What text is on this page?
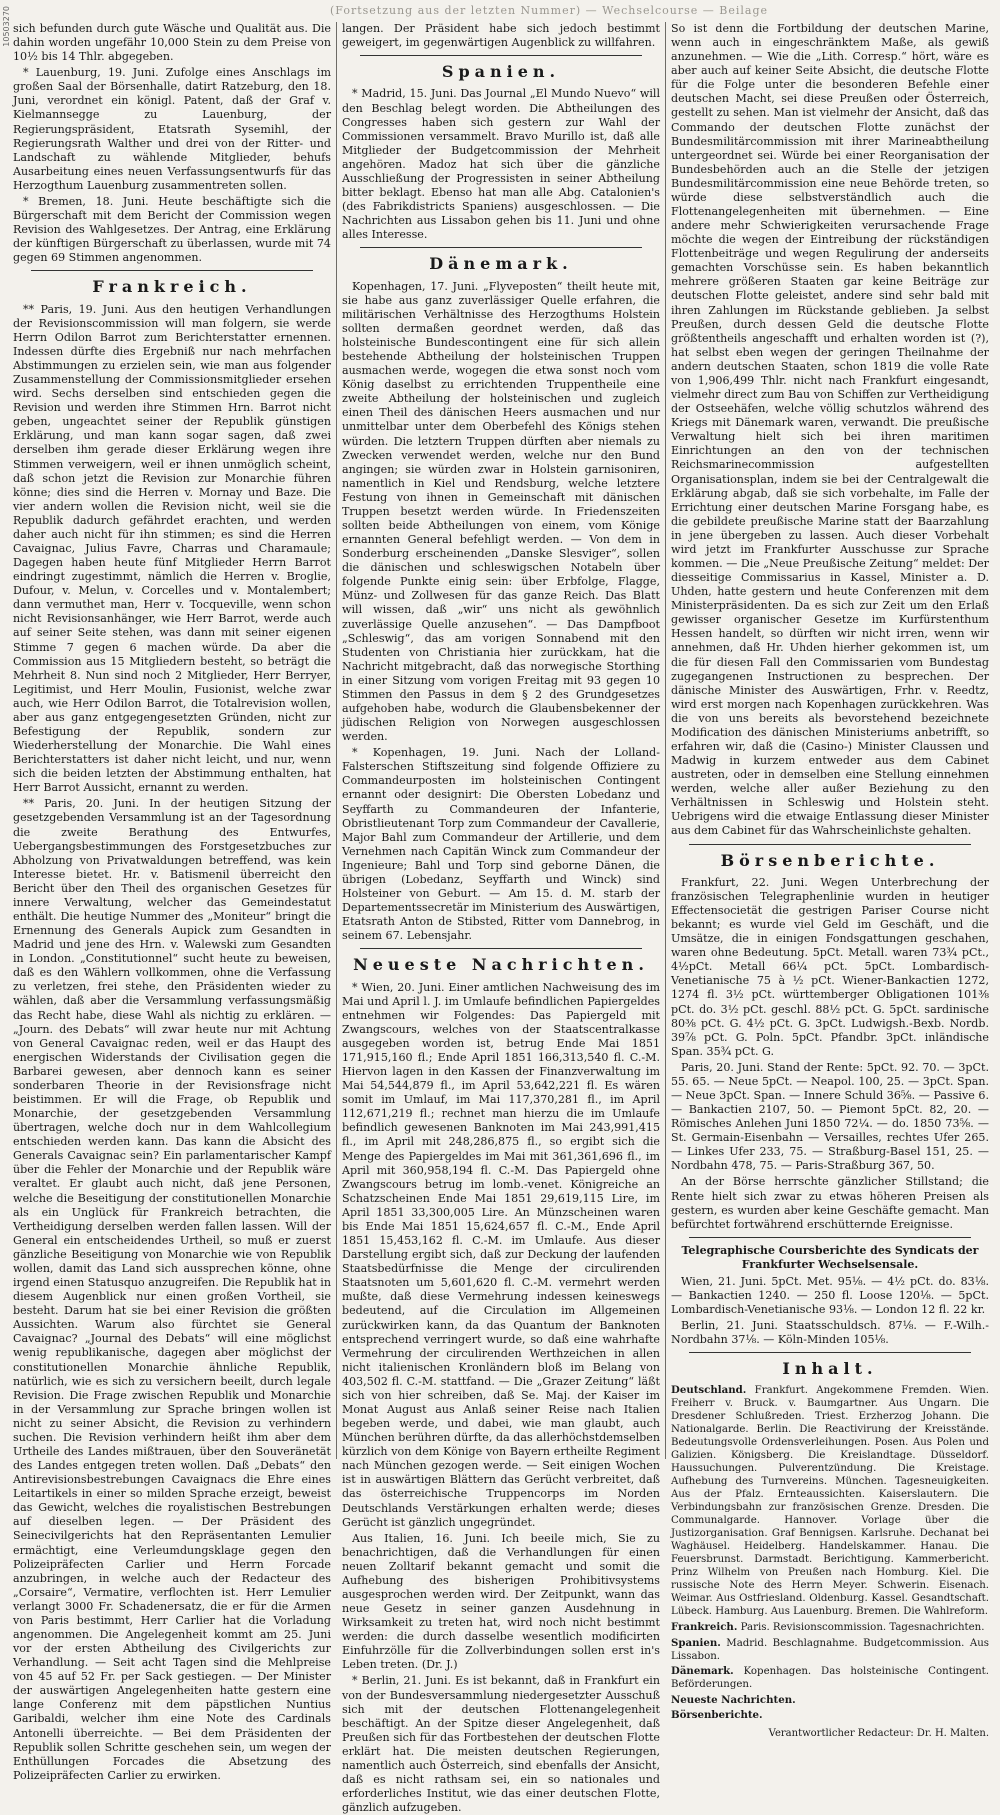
10503270	(Fortsetzung aus der letzten Nummer) — Wechselcourse — Beilage

sich befunden durch gute Wäsche und Qualität aus. Die dahin worden ungefähr 10,000 Stein zu dem Preise von 10½ bis 14 Thlr. abgegeben.

* Lauenburg, 19. Juni. Zufolge eines Anschlags im großen Saal der Börsenhalle, datirt Ratzeburg, den 18. Juni, verordnet ein königl. Patent, daß der Graf v. Kielmannsegge zu Lauenburg, der Regierungspräsident, Etatsrath Sysemihl, der Regierungsrath Walther und drei von der Ritter- und Landschaft zu wählende Mitglieder, behufs Ausarbeitung eines neuen Verfassungsentwurfs für das Herzogthum Lauenburg zusammentreten sollen.

* Bremen, 18. Juni. Heute beschäftigte sich die Bürgerschaft mit dem Bericht der Commission wegen Revision des Wahlgesetzes. Der Antrag, eine Erklärung der künftigen Bürgerschaft zu überlassen, wurde mit 74 gegen 69 Stimmen angenommen.

Frankreich.

** Paris, 19. Juni. Aus den heutigen Verhandlungen der Revisionscommission will man folgern, sie werde Herrn Odilon Barrot zum Berichterstatter ernennen. Indessen dürfte dies Ergebniß nur nach mehrfachen Abstimmungen zu erzielen sein, wie man aus folgender Zusammenstellung der Commissionsmitglieder ersehen wird. Sechs derselben sind entschieden gegen die Revision und werden ihre Stimmen Hrn. Barrot nicht geben, ungeachtet seiner der Republik günstigen Erklärung, und man kann sogar sagen, daß zwei derselben ihm gerade dieser Erklärung wegen ihre Stimmen verweigern, weil er ihnen unmöglich scheint, daß schon jetzt die Revision zur Monarchie führen könne; dies sind die Herren v. Mornay und Baze. Die vier andern wollen die Revision nicht, weil sie die Republik dadurch gefährdet erachten, und werden daher auch nicht für ihn stimmen; es sind die Herren Cavaignac, Julius Favre, Charras und Charamaule; Dagegen haben heute fünf Mitglieder Herrn Barrot eindringt zugestimmt, nämlich die Herren v. Broglie, Dufour, v. Melun, v. Corcelles und v. Montalembert; dann vermuthet man, Herr v. Tocqueville, wenn schon nicht Revisionsanhänger, wie Herr Barrot, werde auch auf seiner Seite stehen, was dann mit seiner eigenen Stimme 7 gegen 6 machen würde. Da aber die Commission aus 15 Mitgliedern besteht, so beträgt die Mehrheit 8. Nun sind noch 2 Mitglieder, Herr Berryer, Legitimist, und Herr Moulin, Fusionist, welche zwar auch, wie Herr Odilon Barrot, die Totalrevision wollen, aber aus ganz entgegengesetzten Gründen, nicht zur Befestigung der Republik, sondern zur Wiederherstellung der Monarchie. Die Wahl eines Berichterstatters ist daher nicht leicht, und nur, wenn sich die beiden letzten der Abstimmung enthalten, hat Herr Barrot Aussicht, ernannt zu werden.

** Paris, 20. Juni. In der heutigen Sitzung der gesetzgebenden Versammlung ist an der Tagesordnung die zweite Berathung des Entwurfes, Uebergangsbestimmungen des Forstgesetzbuches zur Abholzung von Privatwaldungen betreffend, was kein Interesse bietet. Hr. v. Batismenil überreicht den Bericht über den Theil des organischen Gesetzes für innere Verwaltung, welcher das Gemeindestatut enthält. Die heutige Nummer des „Moniteur“ bringt die Ernennung des Generals Aupick zum Gesandten in Madrid und jene des Hrn. v. Walewski zum Gesandten in London. „Constitutionnel“ sucht heute zu beweisen, daß es den Wählern vollkommen, ohne die Verfassung zu verletzen, frei stehe, den Präsidenten wieder zu wählen, daß aber die Versammlung verfassungsmäßig das Recht habe, diese Wahl als nichtig zu erklären. — „Journ. des Debats“ will zwar heute nur mit Achtung von General Cavaignac reden, weil er das Haupt des energischen Widerstands der Civilisation gegen die Barbarei gewesen, aber dennoch kann es seiner sonderbaren Theorie in der Revisionsfrage nicht beistimmen. Er will die Frage, ob Republik und Monarchie, der gesetzgebenden Versammlung übertragen, welche doch nur in dem Wahlcollegium entschieden werden kann. Das kann die Absicht des Generals Cavaignac sein? Ein parlamentarischer Kampf über die Fehler der Monarchie und der Republik wäre veraltet. Er glaubt auch nicht, daß jene Personen, welche die Beseitigung der constitutionellen Monarchie als ein Unglück für Frankreich betrachten, die Vertheidigung derselben werden fallen lassen. Will der General ein entscheidendes Urtheil, so muß er zuerst gänzliche Beseitigung von Monarchie wie von Republik wollen, damit das Land sich aussprechen könne, ohne irgend einen Statusquo anzugreifen. Die Republik hat in diesem Augenblick nur einen großen Vortheil, sie besteht. Darum hat sie bei einer Revision die größten Aussichten. Warum also fürchtet sie General Cavaignac? „Journal des Debats“ will eine möglichst wenig republikanische, dagegen aber möglichst der constitutionellen Monarchie ähnliche Republik, natürlich, wie es sich zu versichern beeilt, durch legale Revision. Die Frage zwischen Republik und Monarchie in der Versammlung zur Sprache bringen wollen ist nicht zu seiner Absicht, die Revision zu verhindern suchen. Die Revision verhindern heißt ihm aber dem Urtheile des Landes mißtrauen, über den Souveränetät des Landes entgegen treten wollen. Daß „Debats“ den Antirevisionsbestrebungen Cavaignacs die Ehre eines Leitartikels in einer so milden Sprache erzeigt, beweist das Gewicht, welches die royalistischen Bestrebungen auf dieselben legen. — Der Präsident des Seinecivilgerichts hat den Repräsentanten Lemulier ermächtigt, eine Verleumdungsklage gegen den Polizeipräfecten Carlier und Herrn Forcade anzubringen, in welche auch der Redacteur des „Corsaire“, Vermatire, verflochten ist. Herr Lemulier verlangt 3000 Fr. Schadenersatz, die er für die Armen von Paris bestimmt, Herr Carlier hat die Vorladung angenommen. Die Angelegenheit kommt am 25. Juni vor der ersten Abtheilung des Civilgerichts zur Verhandlung. — Seit acht Tagen sind die Mehlpreise von 45 auf 52 Fr. per Sack gestiegen. — Der Minister der auswärtigen Angelegenheiten hatte gestern eine lange Conferenz mit dem päpstlichen Nuntius Garibaldi, welcher ihm eine Note des Cardinals Antonelli überreichte. — Bei dem Präsidenten der Republik sollen Schritte geschehen sein, um wegen der Enthüllungen Forcades die Absetzung des Polizeipräfecten Carlier zu erwirken.

langen. Der Präsident habe sich jedoch bestimmt geweigert, im gegenwärtigen Augenblick zu willfahren.

Spanien.

* Madrid, 15. Juni. Das Journal „El Mundo Nuevo“ will den Beschlag belegt worden. Die Abtheilungen des Congresses haben sich gestern zur Wahl der Commissionen versammelt. Bravo Murillo ist, daß alle Mitglieder der Budgetcommission der Mehrheit angehören. Madoz hat sich über die gänzliche Ausschließung der Progressisten in seiner Abtheilung bitter beklagt. Ebenso hat man alle Abg. Catalonien's (des Fabrikdistricts Spaniens) ausgeschlossen. — Die Nachrichten aus Lissabon gehen bis 11. Juni und ohne alles Interesse.

Dänemark.

Kopenhagen, 17. Juni. „Flyveposten“ theilt heute mit, sie habe aus ganz zuverlässiger Quelle erfahren, die militärischen Verhältnisse des Herzogthums Holstein sollten dermaßen geordnet werden, daß das holsteinische Bundescontingent eine für sich allein bestehende Abtheilung der holsteinischen Truppen ausmachen werde, wogegen die etwa sonst noch vom König daselbst zu errichtenden Truppentheile eine zweite Abtheilung der holsteinischen und zugleich einen Theil des dänischen Heers ausmachen und nur unmittelbar unter dem Oberbefehl des Königs stehen würden. Die letztern Truppen dürften aber niemals zu Zwecken verwendet werden, welche nur den Bund angingen; sie würden zwar in Holstein garnisoniren, namentlich in Kiel und Rendsburg, welche letztere Festung von ihnen in Gemeinschaft mit dänischen Truppen besetzt werden würde. In Friedenszeiten sollten beide Abtheilungen von einem, vom Könige ernannten General befehligt werden. — Von dem in Sonderburg erscheinenden „Danske Slesviger“, sollen die dänischen und schleswigschen Notabeln über folgende Punkte einig sein: über Erbfolge, Flagge, Münz- und Zollwesen für das ganze Reich. Das Blatt will wissen, daß „wir“ uns nicht als gewöhnlich zuverlässige Quelle anzusehen“. — Das Dampfboot „Schleswig“, das am vorigen Sonnabend mit den Studenten von Christiania hier zurückkam, hat die Nachricht mitgebracht, daß das norwegische Storthing in einer Sitzung vom vorigen Freitag mit 93 gegen 10 Stimmen den Passus in dem § 2 des Grundgesetzes aufgehoben habe, wodurch die Glaubensbekenner der jüdischen Religion von Norwegen ausgeschlossen werden.

* Kopenhagen, 19. Juni. Nach der Lolland-Falsterschen Stiftszeitung sind folgende Offiziere zu Commandeurposten im holsteinischen Contingent ernannt oder designirt: Die Obersten Lobedanz und Seyffarth zu Commandeuren der Infanterie, Obristlieutenant Torp zum Commandeur der Cavallerie, Major Bahl zum Commandeur der Artillerie, und dem Vernehmen nach Capitän Winck zum Commandeur der Ingenieure; Bahl und Torp sind geborne Dänen, die übrigen (Lobedanz, Seyffarth und Winck) sind Holsteiner von Geburt. — Am 15. d. M. starb der Departementssecretär im Ministerium des Auswärtigen, Etatsrath Anton de Stibsted, Ritter vom Dannebrog, in seinem 67. Lebensjahr.

Neueste Nachrichten.

* Wien, 20. Juni. Einer amtlichen Nachweisung des im Mai und April l. J. im Umlaufe befindlichen Papiergeldes entnehmen wir Folgendes: Das Papiergeld mit Zwangscours, welches von der Staatscentralkasse ausgegeben worden ist, betrug Ende Mai 1851 171,915,160 fl.; Ende April 1851 166,313,540 fl. C.-M. Hiervon lagen in den Kassen der Finanzverwaltung im Mai 54,544,879 fl., im April 53,642,221 fl. Es wären somit im Umlauf, im Mai 117,370,281 fl., im April 112,671,219 fl.; rechnet man hierzu die im Umlaufe befindlich gewesenen Banknoten im Mai 243,991,415 fl., im April mit 248,286,875 fl., so ergibt sich die Menge des Papiergeldes im Mai mit 361,361,696 fl., im April mit 360,958,194 fl. C.-M. Das Papiergeld ohne Zwangscours betrug im lomb.-venet. Königreiche an Schatzscheinen Ende Mai 1851 29,619,115 Lire, im April 1851 33,300,005 Lire. An Münzscheinen waren bis Ende Mai 1851 15,624,657 fl. C.-M., Ende April 1851 15,453,162 fl. C.-M. im Umlaufe. Aus dieser Darstellung ergibt sich, daß zur Deckung der laufenden Staatsbedürfnisse die Menge der circulirenden Staatsnoten um 5,601,620 fl. C.-M. vermehrt werden mußte, daß diese Vermehrung indessen keineswegs bedeutend, auf die Circulation im Allgemeinen zurückwirken kann, da das Quantum der Banknoten entsprechend verringert wurde, so daß eine wahrhafte Vermehrung der circulirenden Werthzeichen in allen nicht italienischen Kronländern bloß im Belang von 403,502 fl. C.-M. stattfand. — Die „Grazer Zeitung“ läßt sich von hier schreiben, daß Se. Maj. der Kaiser im Monat August aus Anlaß seiner Reise nach Italien begeben werde, und dabei, wie man glaubt, auch München berühren dürfte, da das allerhöchstdemselben kürzlich von dem Könige von Bayern ertheilte Regiment nach München gezogen werde. — Seit einigen Wochen ist in auswärtigen Blättern das Gerücht verbreitet, daß das österreichische Truppencorps im Norden Deutschlands Verstärkungen erhalten werde; dieses Gerücht ist gänzlich ungegründet.

Aus Italien, 16. Juni. Ich beeile mich, Sie zu benachrichtigen, daß die Verhandlungen für einen neuen Zolltarif bekannt gemacht und somit die Aufhebung des bisherigen Prohibitivsystems ausgesprochen werden wird. Der Zeitpunkt, wann das neue Gesetz in seiner ganzen Ausdehnung in Wirksamkeit zu treten hat, wird noch nicht bestimmt werden: die durch dasselbe wesentlich modificirten Einfuhrzölle für die Zollverbindungen sollen erst in's Leben treten. (Dr. J.)

* Berlin, 21. Juni. Es ist bekannt, daß in Frankfurt ein von der Bundesversammlung niedergesetzter Ausschuß sich mit der deutschen Flottenangelegenheit beschäftigt. An der Spitze dieser Angelegenheit, daß Preußen sich für das Fortbestehen der deutschen Flotte erklärt hat. Die meisten deutschen Regierungen, namentlich auch Österreich, sind ebenfalls der Ansicht, daß es nicht rathsam sei, ein so nationales und erforderliches Institut, wie das einer deutschen Flotte, gänzlich aufzugeben.

So ist denn die Fortbildung der deutschen Marine, wenn auch in eingeschränktem Maße, als gewiß anzunehmen. — Wie die „Lith. Corresp.“ hört, wäre es aber auch auf keiner Seite Absicht, die deutsche Flotte für die Folge unter die besonderen Befehle einer deutschen Macht, sei diese Preußen oder Österreich, gestellt zu sehen. Man ist vielmehr der Ansicht, daß das Commando der deutschen Flotte zunächst der Bundesmilitärcommission mit ihrer Marineabtheilung untergeordnet sei. Würde bei einer Reorganisation der Bundesbehörden auch an die Stelle der jetzigen Bundesmilitärcommission eine neue Behörde treten, so würde diese selbstverständlich auch die Flottenangelegenheiten mit übernehmen. — Eine andere mehr Schwierigkeiten verursachende Frage möchte die wegen der Eintreibung der rückständigen Flottenbeiträge und wegen Regulirung der anderseits gemachten Vorschüsse sein. Es haben bekanntlich mehrere größeren Staaten gar keine Beiträge zur deutschen Flotte geleistet, andere sind sehr bald mit ihren Zahlungen im Rückstande geblieben. Ja selbst Preußen, durch dessen Geld die deutsche Flotte größtentheils angeschafft und erhalten worden ist (?), hat selbst eben wegen der geringen Theilnahme der andern deutschen Staaten, schon 1819 die volle Rate von 1,906,499 Thlr. nicht nach Frankfurt eingesandt, vielmehr direct zum Bau von Schiffen zur Vertheidigung der Ostseehäfen, welche völlig schutzlos während des Kriegs mit Dänemark waren, verwandt. Die preußische Verwaltung hielt sich bei ihren maritimen Einrichtungen an den von der technischen Reichsmarinecommission aufgestellten Organisationsplan, indem sie bei der Centralgewalt die Erklärung abgab, daß sie sich vorbehalte, im Falle der Errichtung einer deutschen Marine Forsgang habe, es die gebildete preußische Marine statt der Baarzahlung in jene übergeben zu lassen. Auch dieser Vorbehalt wird jetzt im Frankfurter Ausschusse zur Sprache kommen. — Die „Neue Preußische Zeitung“ meldet: Der diesseitige Commissarius in Kassel, Minister a. D. Uhden, hatte gestern und heute Conferenzen mit dem Ministerpräsidenten. Da es sich zur Zeit um den Erlaß gewisser organischer Gesetze im Kurfürstenthum Hessen handelt, so dürften wir nicht irren, wenn wir annehmen, daß Hr. Uhden hierher gekommen ist, um die für diesen Fall den Commissarien vom Bundestag zugegangenen Instructionen zu besprechen. Der dänische Minister des Auswärtigen, Frhr. v. Reedtz, wird erst morgen nach Kopenhagen zurückkehren. Was die von uns bereits als bevorstehend bezeichnete Modification des dänischen Ministeriums anbetrifft, so erfahren wir, daß die (Casino-) Minister Claussen und Madwig in kurzem entweder aus dem Cabinet austreten, oder in demselben eine Stellung einnehmen werden, welche aller außer Beziehung zu den Verhältnissen in Schleswig und Holstein steht. Uebrigens wird die etwaige Entlassung dieser Minister aus dem Cabinet für das Wahrscheinlichste gehalten.

Börsenberichte.

Frankfurt, 22. Juni. Wegen Unterbrechung der französischen Telegraphenlinie wurden in heutiger Effectensocietät die gestrigen Pariser Course nicht bekannt; es wurde viel Geld im Geschäft, und die Umsätze, die in einigen Fondsgattungen geschahen, waren ohne Bedeutung. 5pCt. Metall. waren 73¾ pCt., 4½pCt. Metall 66¼ pCt. 5pCt. Lombardisch-Venetianische 75 à ½ pCt. Wiener-Bankactien 1272, 1274 fl. 3½ pCt. württemberger Obligationen 101⅜ pCt. do. 3½ pCt. geschl. 88½ pCt. G. 5pCt. sardinische 80⅜ pCt. G. 4½ pCt. G. 3pCt. Ludwigsh.-Bexb. Nordb. 39⅞ pCt. G. Poln. 5pCt. Pfandbr. 3pCt. inländische Span. 35¾ pCt. G.

Paris, 20. Juni. Stand der Rente: 5pCt. 92. 70. — 3pCt. 55. 65. — Neue 5pCt. — Neapol. 100, 25. — 3pCt. Span. — Neue 3pCt. Span. — Innere Schuld 36⅝. — Passive 6. — Bankactien 2107, 50. — Piemont 5pCt. 82, 20. — Römisches Anlehen Juni 1850 72¼. — do. 1850 73⅝. — St. Germain-Eisenbahn — Versailles, rechtes Ufer 265. — Linkes Ufer 233, 75. — Straßburg-Basel 151, 25. — Nordbahn 478, 75. — Paris-Straßburg 367, 50.

An der Börse herrschte gänzlicher Stillstand; die Rente hielt sich zwar zu etwas höheren Preisen als gestern, es wurden aber keine Geschäfte gemacht. Man befürchtet fortwährend erschütternde Ereignisse.

Telegraphische Coursberichte des Syndicats der Frankfurter Wechselsensale.

Wien, 21. Juni. 5pCt. Met. 95⅛. — 4½ pCt. do. 83⅛. — Bankactien 1240. — 250 fl. Loose 120⅛. — 5pCt. Lombardisch-Venetianische 93⅛. — London 12 fl. 22 kr.

Berlin, 21. Juni. Staatsschuldsch. 87⅛. — F.-Wilh.-Nordbahn 37⅛. — Köln-Minden 105⅛.

Inhalt.

Deutschland. Frankfurt. Angekommene Fremden. Wien. Freiherr v. Bruck. v. Baumgartner. Aus Ungarn. Die Dresdener Schlußreden. Triest. Erzherzog Johann. Die Nationalgarde. Berlin. Die Reactivirung der Kreisstände. Bedeutungsvolle Ordensverleihungen. Posen. Aus Polen und Galizien. Königsberg. Die Kreislandtage. Düsseldorf. Haussuchungen. Pulverentzündung. Die Kreistage. Aufhebung des Turnvereins. München. Tagesneuigkeiten. Aus der Pfalz. Ernteaussichten. Kaiserslautern. Die Verbindungsbahn zur französischen Grenze. Dresden. Die Communalgarde. Hannover. Vorlage über die Justizorganisation. Graf Bennigsen. Karlsruhe. Dechanat bei Waghäusel. Heidelberg. Handelskammer. Hanau. Die Feuersbrunst. Darmstadt. Berichtigung. Kammerbericht. Prinz Wilhelm von Preußen nach Homburg. Kiel. Die russische Note des Herrn Meyer. Schwerin. Eisenach. Weimar. Aus Ostfriesland. Oldenburg. Kassel. Gesandtschaft. Lübeck. Hamburg. Aus Lauenburg. Bremen. Die Wahlreform.

Frankreich. Paris. Revisionscommission. Tagesnachrichten.

Spanien. Madrid. Beschlagnahme. Budgetcommission. Aus Lissabon.

Dänemark. Kopenhagen. Das holsteinische Contingent. Beförderungen.

Neueste Nachrichten.

Börsenberichte.

Verantwortlicher Redacteur: Dr. H. Malten.
